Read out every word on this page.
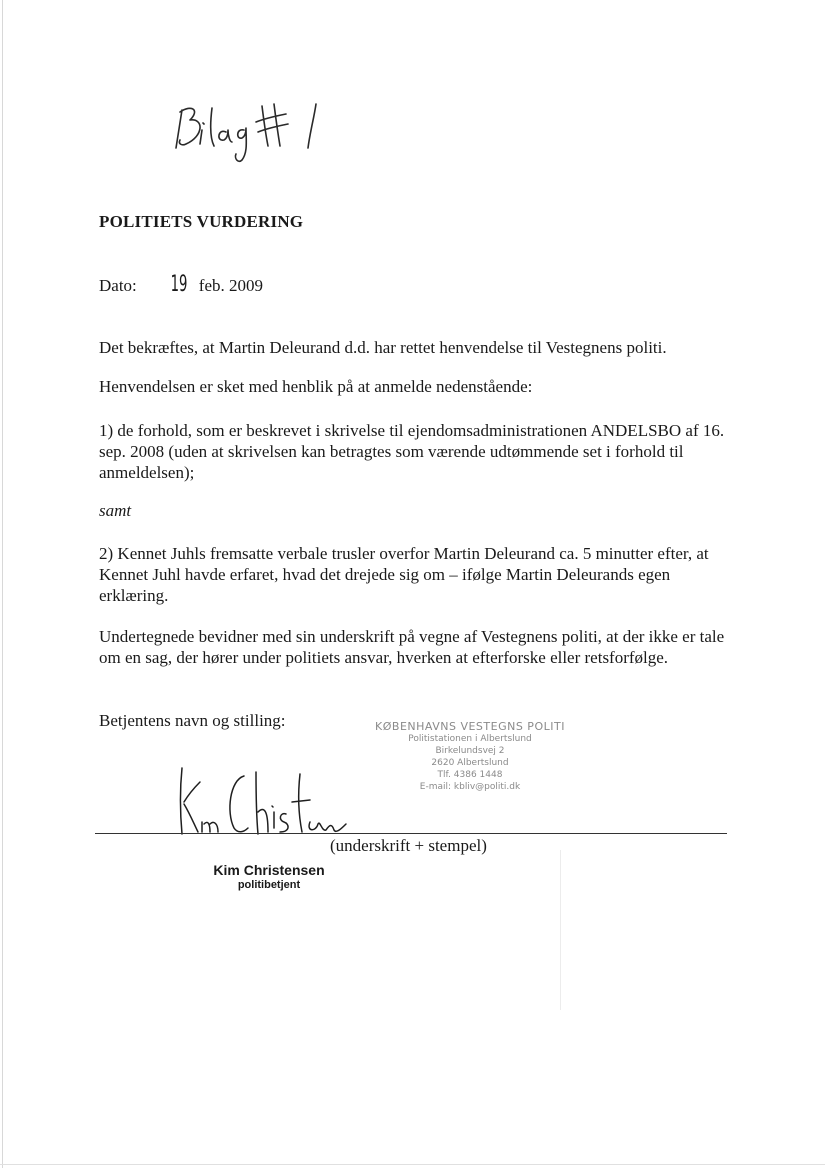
POLITIETS VURDERING
Dato: 19 feb. 2009
Det bekræftes, at Martin Deleurand d.d. har rettet henvendelse til Vestegnens politi.
Henvendelsen er sket med henblik på at anmelde nedenstående:
1) de forhold, som er beskrevet i skrivelse til ejendomsadministrationen ANDELSBO af 16. sep. 2008 (uden at skrivelsen kan betragtes som værende udtømmende set i forhold til anmeldelsen);
samt
2) Kennet Juhls fremsatte verbale trusler overfor Martin Deleurand ca. 5 minutter efter, at Kennet Juhl havde erfaret, hvad det drejede sig om – ifølge Martin Deleurands egen erklæring.
Undertegnede bevidner med sin underskrift på vegne af Vestegnens politi, at der ikke er tale om en sag, der hører under politiets ansvar, hverken at efterforske eller retsforfølge.
Betjentens navn og stilling:	KØBENHAVNS VESTEGNS POLITI
Politistationen i Albertslund
Birkelundsvej 2
2620 Albertslund
Tlf. 4386 1448
E-mail: kbliv@politi.dk
(underskrift + stempel)
Kim Christensen
politibetjent
